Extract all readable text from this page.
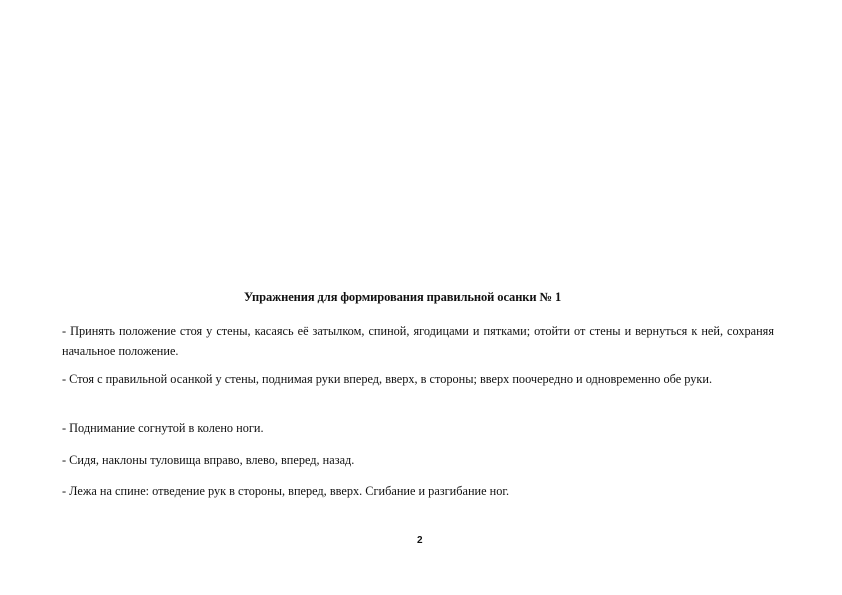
Упражнения для формирования правильной осанки № 1
- Принять положение стоя у стены, касаясь её затылком, спиной, ягодицами и пятками; отойти от стены и вернуться к ней, сохраняя начальное положение.
- Стоя с правильной осанкой у стены, поднимая руки вперед, вверх, в стороны; вверх поочередно и одновременно обе руки.
- Поднимание согнутой в колено ноги.
- Сидя, наклоны туловища вправо, влево, вперед, назад.
- Лежа на спине: отведение рук в стороны, вперед, вверх. Сгибание и разгибание ног.
2
